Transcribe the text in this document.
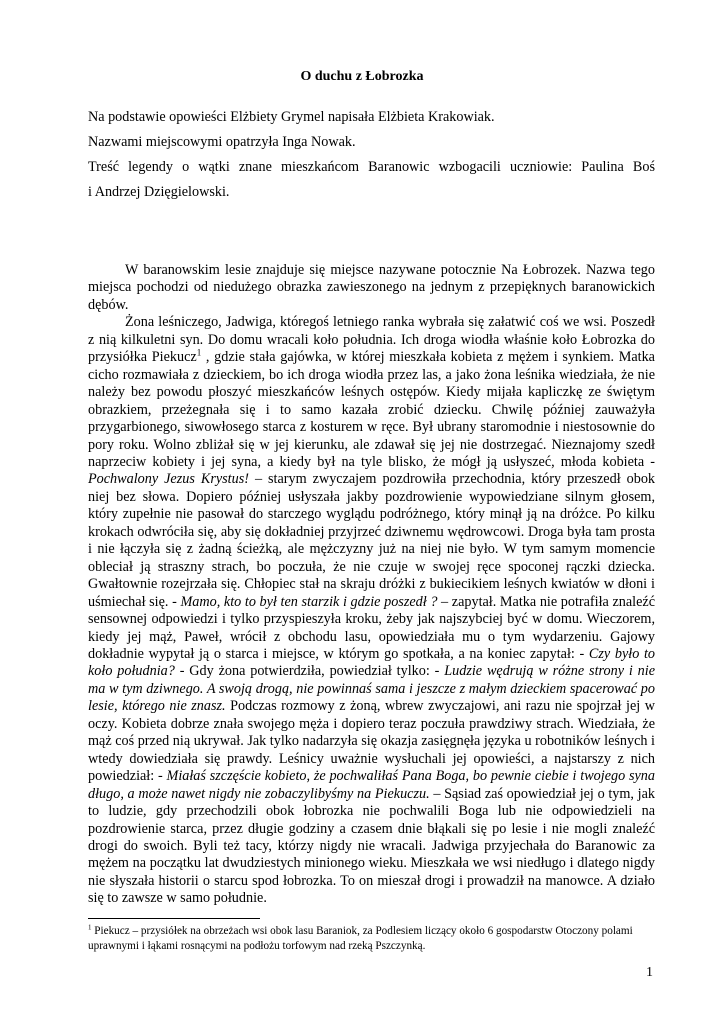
O duchu z Łobrozka
Na podstawie opowieści Elżbiety Grymel napisała Elżbieta Krakowiak.
Nazwami miejscowymi opatrzyła Inga Nowak.
Treść legendy o wątki znane mieszkańcom Baranowic wzbogacili uczniowie: Paulina Boś
i Andrzej Dzięgielowski.

W baranowskim lesie znajduje się miejsce nazywane potocznie Na Łobrozek. Nazwa tego miejsca pochodzi od niedużego obrazka zawieszonego na jednym z przepięknych baranowickich dębów.

Żona leśniczego, Jadwiga, któregoś letniego ranka wybrała się załatwić coś we wsi. Poszedł z nią kilkuletni syn. Do domu wracali koło południa. Ich droga wiodła właśnie koło Łobrozka do przysiółka Piekucz$^1$ , gdzie stała gajówka, w której mieszkała kobieta z mężem i synkiem. Matka cicho rozmawiała z dzieckiem, bo ich droga wiodła przez las, a jako żona leśnika wiedziała, że nie należy bez powodu płoszyć mieszkańców leśnych ostępów. Kiedy mijała kapliczkę ze świętym obrazkiem, przeżegnała się i to samo kazała zrobić dziecku. Chwilę później zauważyła przygarbionego, siwowłosego starca z kosturem w ręce. Był ubrany staromodnie i niestosownie do pory roku. Wolno zbliżał się w jej kierunku, ale zdawał się jej nie dostrzegać. Nieznajomy szedł naprzeciw kobiety i jej syna, a kiedy był na tyle blisko, że mógł ją usłyszeć, młoda kobieta - Pochwalony Jezus Krystus! – starym zwyczajem pozdrowiła przechodnia, który przeszedł obok niej bez słowa. Dopiero później usłyszała jakby pozdrowienie wypowiedziane silnym głosem, który zupełnie nie pasował do starczego wyglądu podróżnego, który minął ją na dróżce. Po kilku krokach odwróciła się, aby się dokładniej przyjrzeć dziwnemu wędrowcowi. Droga była tam prosta i nie łączyła się z żadną ścieżką, ale mężczyzny już na niej nie było. W tym samym momencie obleciał ją straszny strach, bo poczuła, że nie czuje w swojej ręce spoconej rączki dziecka. Gwałtownie rozejrzała się. Chłopiec stał na skraju dróżki z bukiecikiem leśnych kwiatów w dłoni i uśmiechał się. - Mamo, kto to był ten starzik i gdzie poszedł ? – zapytał. Matka nie potrafiła znaleźć sensownej odpowiedzi i tylko przyspieszyła kroku, żeby jak najszybciej być w domu. Wieczorem, kiedy jej mąż, Paweł, wrócił z obchodu lasu, opowiedziała mu o tym wydarzeniu. Gajowy dokładnie wypytał ją o starca i miejsce, w którym go spotkała, a na koniec zapytał: - Czy było to koło południa? - Gdy żona potwierdziła, powiedział tylko: - Ludzie wędrują w różne strony i nie ma w tym dziwnego. A swoją drogą, nie powinnaś sama i jeszcze z małym dzieckiem spacerować po lesie, którego nie znasz. Podczas rozmowy z żoną, wbrew zwyczajowi, ani razu nie spojrzał jej w oczy. Kobieta dobrze znała swojego męża i dopiero teraz poczuła prawdziwy strach. Wiedziała, że mąż coś przed nią ukrywał. Jak tylko nadarzyła się okazja zasięgnęła języka u robotników leśnych i wtedy dowiedziała się prawdy. Leśnicy uważnie wysłuchali jej opowieści, a najstarszy z nich powiedział: - Miałaś szczęście kobieto, że pochwaliłaś Pana Boga, bo pewnie ciebie i twojego syna długo, a może nawet nigdy nie zobaczylibyśmy na Piekuczu. – Sąsiad zaś opowiedział jej o tym, jak to ludzie, gdy przechodzili obok łobrozka nie pochwalili Boga lub nie odpowiedzieli na pozdrowienie starca, przez długie godziny a czasem dnie błąkali się po lesie i nie mogli znaleźć drogi do swoich. Byli też tacy, którzy nigdy nie wracali. Jadwiga przyjechała do Baranowic za mężem na początku lat dwudziestych minionego wieku. Mieszkała we wsi niedługo i dlatego nigdy nie słyszała historii o starcu spod łobrozka. To on mieszał drogi i prowadził na manowce. A działo się to zawsze w samo południe.

$^1$ Piekucz – przysiółek na obrzeżach wsi obok lasu Baraniok, za Podlesiem liczący około 6 gospodarstw Otoczony polami uprawnymi i łąkami rosnącymi na podłożu torfowym nad rzeką Pszczynką.
1
